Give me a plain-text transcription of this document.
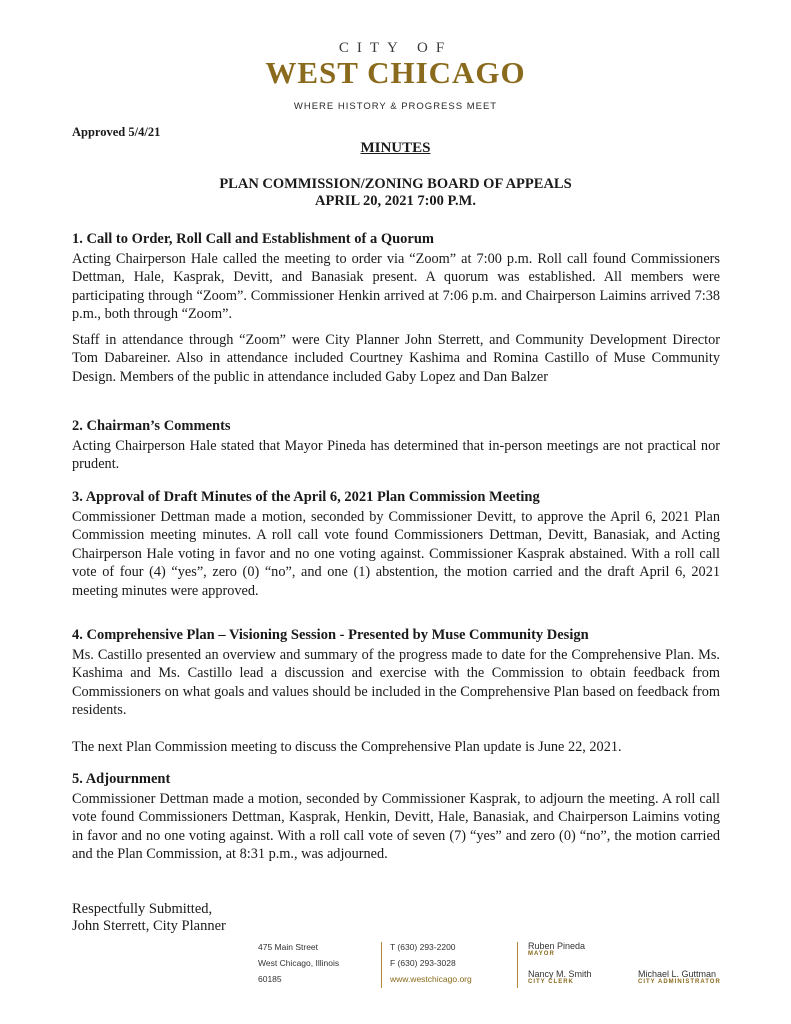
CITY OF
WEST CHICAGO
WHERE HISTORY & PROGRESS MEET
Approved 5/4/21
MINUTES
PLAN COMMISSION/ZONING BOARD OF APPEALS
APRIL 20, 2021 7:00 P.M.
1. Call to Order, Roll Call and Establishment of a Quorum
Acting Chairperson Hale called the meeting to order via “Zoom” at 7:00 p.m. Roll call found Commissioners Dettman, Hale, Kasprak, Devitt, and Banasiak present. A quorum was established. All members were participating through “Zoom”. Commissioner Henkin arrived at 7:06 p.m. and Chairperson Laimins arrived 7:38 p.m., both through “Zoom”.
Staff in attendance through “Zoom” were City Planner John Sterrett, and Community Development Director Tom Dabareiner. Also in attendance included Courtney Kashima and Romina Castillo of Muse Community Design. Members of the public in attendance included Gaby Lopez and Dan Balzer
2. Chairman’s Comments
Acting Chairperson Hale stated that Mayor Pineda has determined that in-person meetings are not practical nor prudent.
3. Approval of Draft Minutes of the April 6, 2021 Plan Commission Meeting
Commissioner Dettman made a motion, seconded by Commissioner Devitt, to approve the April 6, 2021 Plan Commission meeting minutes. A roll call vote found Commissioners Dettman, Devitt, Banasiak, and Acting Chairperson Hale voting in favor and no one voting against. Commissioner Kasprak abstained. With a roll call vote of four (4) “yes”, zero (0) “no”, and one (1) abstention, the motion carried and the draft April 6, 2021 meeting minutes were approved.
4. Comprehensive Plan – Visioning Session - Presented by Muse Community Design
Ms. Castillo presented an overview and summary of the progress made to date for the Comprehensive Plan. Ms. Kashima and Ms. Castillo lead a discussion and exercise with the Commission to obtain feedback from Commissioners on what goals and values should be included in the Comprehensive Plan based on feedback from residents.
The next Plan Commission meeting to discuss the Comprehensive Plan update is June 22, 2021.
5. Adjournment
Commissioner Dettman made a motion, seconded by Commissioner Kasprak, to adjourn the meeting. A roll call vote found Commissioners Dettman, Kasprak, Henkin, Devitt, Hale, Banasiak, and Chairperson Laimins voting in favor and no one voting against. With a roll call vote of seven (7) “yes” and zero (0) “no”, the motion carried and the Plan Commission, at 8:31 p.m., was adjourned.
Respectfully Submitted,
John Sterrett, City Planner
475 Main Street
West Chicago, Illinois
60185
T (630) 293-2200
F (630) 293-3028
www.westchicago.org
Ruben Pineda
MAYOR
Nancy M. Smith
CITY CLERK
Michael L. Guttman
CITY ADMINISTRATOR
